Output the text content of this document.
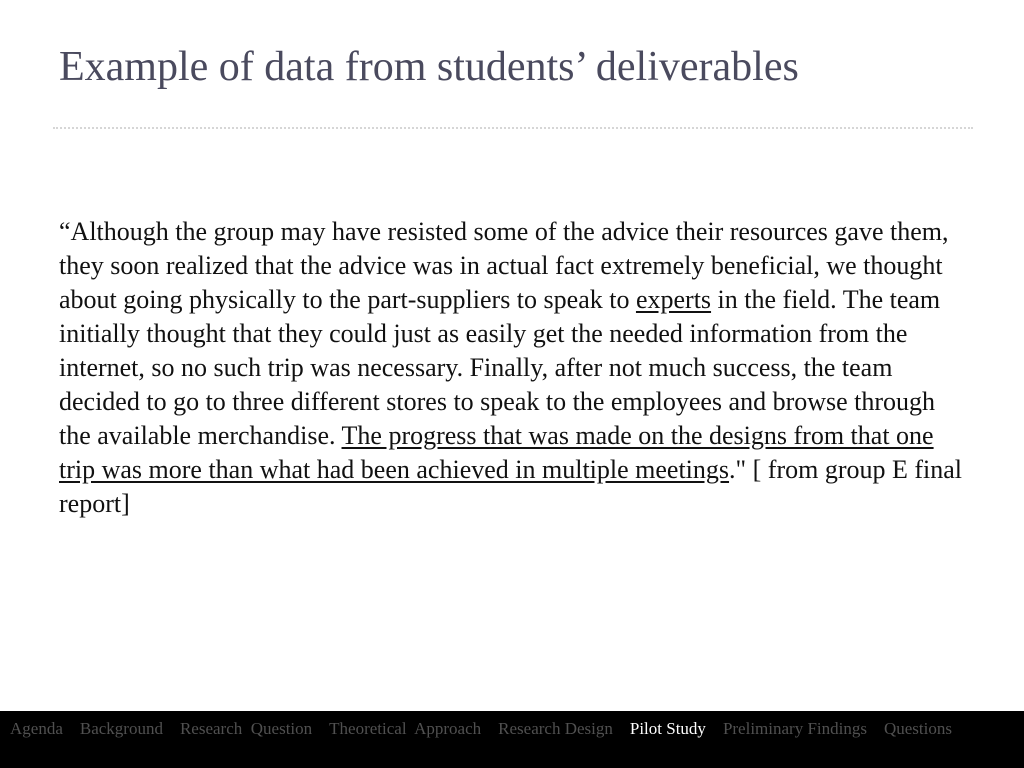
Example of data from students’ deliverables

“Although the group may have resisted some of the advice their resources gave them, they soon realized that the advice was in actual fact extremely beneficial, we thought about going physically to the part-suppliers to speak to experts in the field. The team initially thought that they could just as easily get the needed information from the internet, so no such trip was necessary. Finally, after not much success, the team decided to go to three different stores to speak to the employees and browse through the available merchandise. The progress that was made on the designs from that one trip was more than what had been achieved in multiple meetings." [ from group E final report]

Agenda Background Research  Question Theoretical  Approach Research Design Pilot Study Preliminary Findings Questions
